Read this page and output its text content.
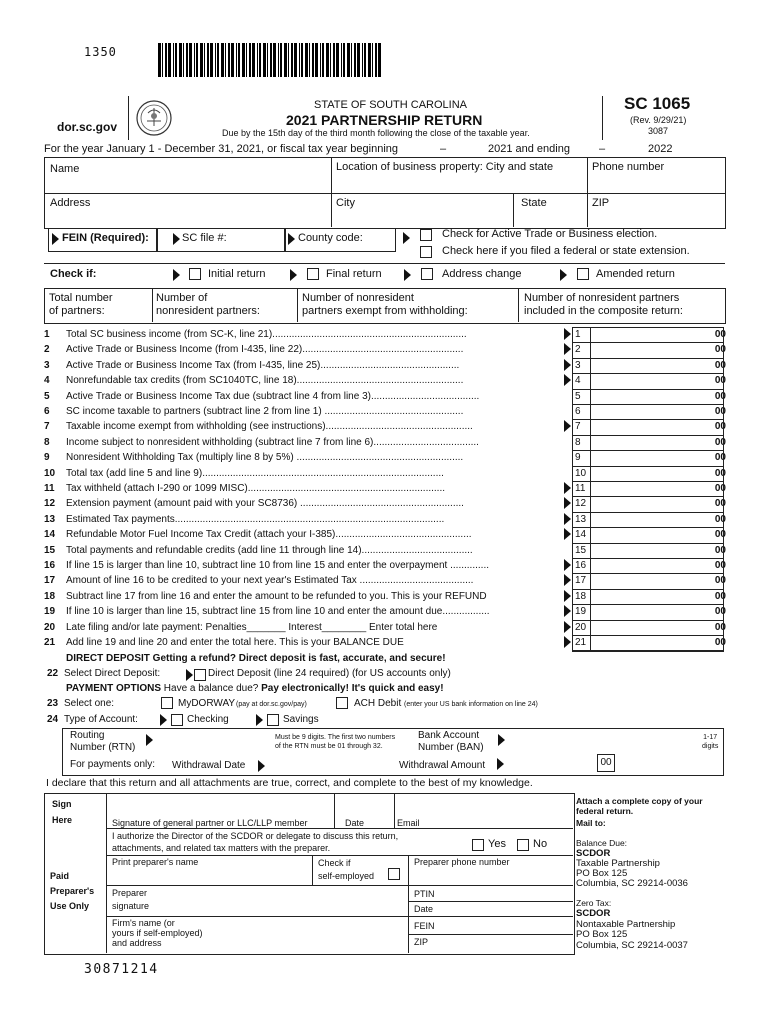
1350
dor.sc.gov
STATE OF SOUTH CAROLINA
2021 PARTNERSHIP RETURN
Due by the 15th day of the third month following the close of the taxable year.
SC 1065
(Rev. 9/29/21)
3087
For the year January 1 - December 31, 2021, or fiscal tax year beginning	–	2021 and ending	–	2022
Name	Location of business property: City and state	Phone number
Address	City	State	ZIP
FEIN (Required):	SC file #:	County code:	Check for Active Trade or Business election.
Check here if you filed a federal or state extension.
Check if:	Initial return	Final return	Address change	Amended return
Total number
of partners:
Number of
nonresident partners:
Number of nonresident
partners exempt from withholding:
Number of nonresident partners
included in the composite return:
1	Total SC business income (from SC-K, line 21)......................................................................	1	00
2	Active Trade or Business Income (from I-435, line 22)..........................................................	2	00
3	Active Trade or Business Income Tax (from I-435, line 25)..................................................	3	00
4	Nonrefundable tax credits (from SC1040TC, line 18)............................................................	4	00
5	Active Trade or Business Income Tax due (subtract line 4 from line 3).......................................	5	00
6	SC income taxable to partners (subtract line 2 from line 1) ..................................................	6	00
7	Taxable income exempt from withholding (see instructions).....................................................	7	00
8	Income subject to nonresident withholding (subtract line 7 from line 6)......................................	8	00
9	Nonresident Withholding Tax (multiply line 8 by 5%) ............................................................	9	00
10	Total tax (add line 5 and line 9).......................................................................................	10	00
11	Tax withheld (attach I-290 or 1099 MISC).......................................................................	11	00
12	Extension payment (amount paid with your SC8736) ...........................................................	12	00
13	Estimated Tax payments.................................................................................................	13	00
14	Refundable Motor Fuel Income Tax Credit (attach your I-385).................................................	14	00
15	Total payments and refundable credits (add line 11 through line 14)........................................	15	00
16	If line 15 is larger than line 10, subtract line 10 from line 15 and enter the overpayment ..............	16	00
17	Amount of line 16 to be credited to your next year's Estimated Tax .........................................	17	00
18	Subtract line 17 from line 16 and enter the amount to be refunded to you. This is your REFUND	18	00
19	If line 10 is larger than line 15, subtract line 15 from line 10 and enter the amount due.................	19	00
20	Late filing and/or late payment: Penalties_______ Interest________ Enter total here	20	00
21	Add line 19 and line 20 and enter the total here. This is your BALANCE DUE	21	00
DIRECT DEPOSIT Getting a refund? Direct deposit is fast, accurate, and secure!
22 Select Direct Deposit:	Direct Deposit (line 24 required) (for US accounts only)
PAYMENT OPTIONS Have a balance due? Pay electronically! It's quick and easy!
23 Select one:	MyDORWAY (pay at dor.sc.gov/pay)	ACH Debit (enter your US bank information on line 24)
24 Type of Account:	Checking	Savings
Routing
Number (RTN)
Must be 9 digits. The first two numbers
of the RTN must be 01 through 32.
Bank Account
Number (BAN)
1-17
digits
For payments only: Withdrawal Date	Withdrawal Amount	00
I declare that this return and all attachments are true, correct, and complete to the best of my knowledge.
Sign
Here	Signature of general partner or LLC/LLP member	Date	Email
I authorize the Director of the SCDOR or delegate to discuss this return,
attachments, and related tax matters with the preparer.	Yes No
Print preparer's name	Check if
self-employed
Preparer phone number
Paid
Preparer's
Use Only
Preparer
signature
PTIN
Date
Firm's name (or
yours if self-employed)
and address
FEIN
ZIP
Attach a complete copy of your federal return.
Mail to:
Balance Due:
SCDOR
Taxable Partnership
PO Box 125
Columbia, SC 29214-0036
Zero Tax:
SCDOR
Nontaxable Partnership
PO Box 125
Columbia, SC 29214-0037
30871214
